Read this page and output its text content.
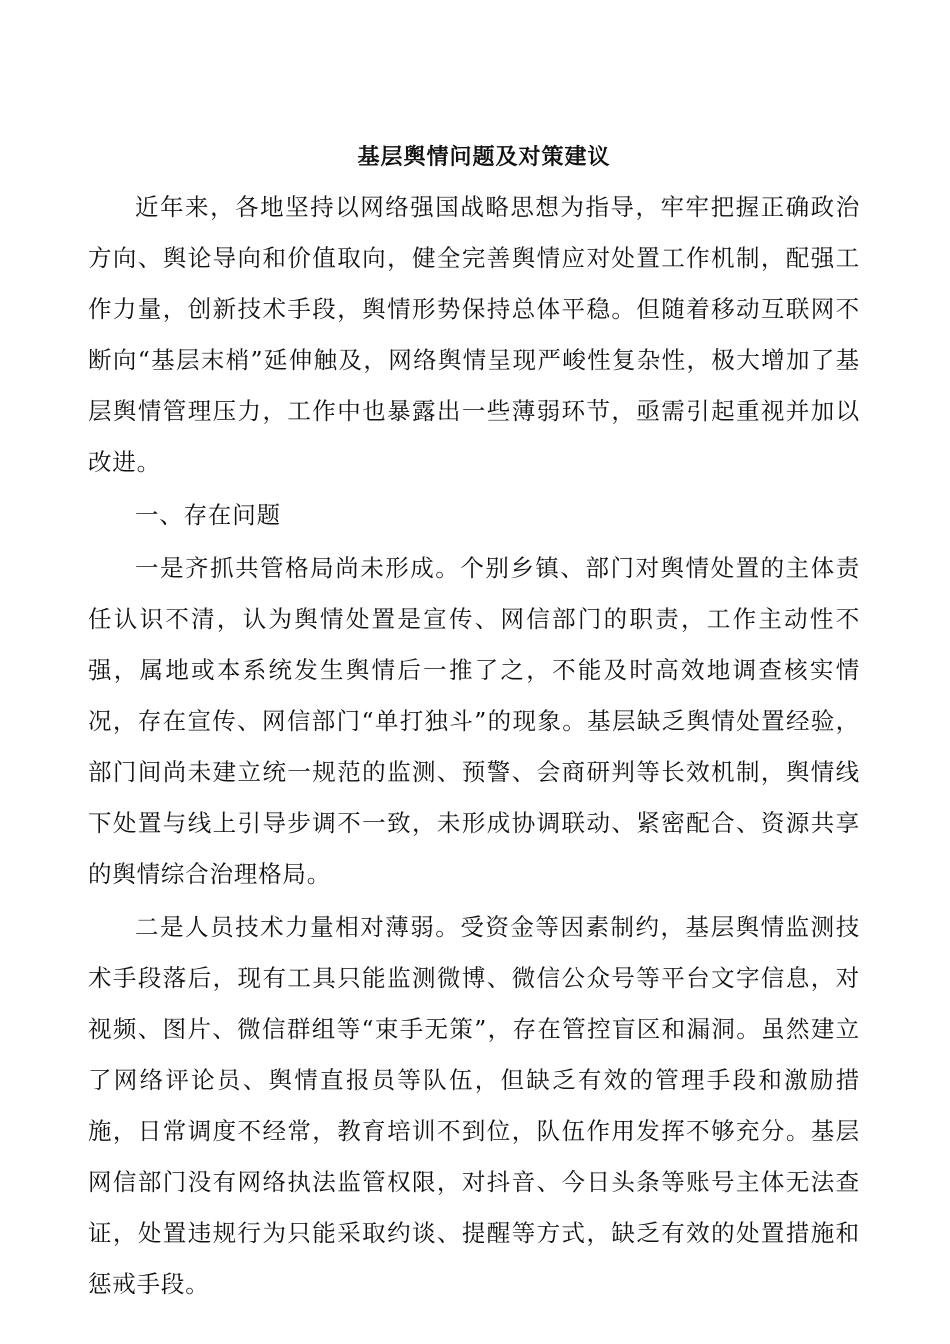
基层舆情问题及对策建议

近年来，各地坚持以网络强国战略思想为指导，牢牢把握正确政治方向、舆论导向和价值取向，健全完善舆情应对处置工作机制，配强工作力量，创新技术手段，舆情形势保持总体平稳。但随着移动互联网不断向“基层末梢”延伸触及，网络舆情呈现严峻性复杂性，极大增加了基层舆情管理压力，工作中也暴露出一些薄弱环节，亟需引起重视并加以改进。

一、存在问题

一是齐抓共管格局尚未形成。个别乡镇、部门对舆情处置的主体责任认识不清，认为舆情处置是宣传、网信部门的职责，工作主动性不强，属地或本系统发生舆情后一推了之，不能及时高效地调查核实情况，存在宣传、网信部门“单打独斗”的现象。基层缺乏舆情处置经验，部门间尚未建立统一规范的监测、预警、会商研判等长效机制，舆情线下处置与线上引导步调不一致，未形成协调联动、紧密配合、资源共享的舆情综合治理格局。

二是人员技术力量相对薄弱。受资金等因素制约，基层舆情监测技术手段落后，现有工具只能监测微博、微信公众号等平台文字信息，对视频、图片、微信群组等“束手无策”，存在管控盲区和漏洞。虽然建立了网络评论员、舆情直报员等队伍，但缺乏有效的管理手段和激励措施，日常调度不经常，教育培训不到位，队伍作用发挥不够充分。基层网信部门没有网络执法监管权限，对抖音、今日头条等账号主体无法查证，处置违规行为只能采取约谈、提醒等方式，缺乏有效的处置措施和惩戒手段。
